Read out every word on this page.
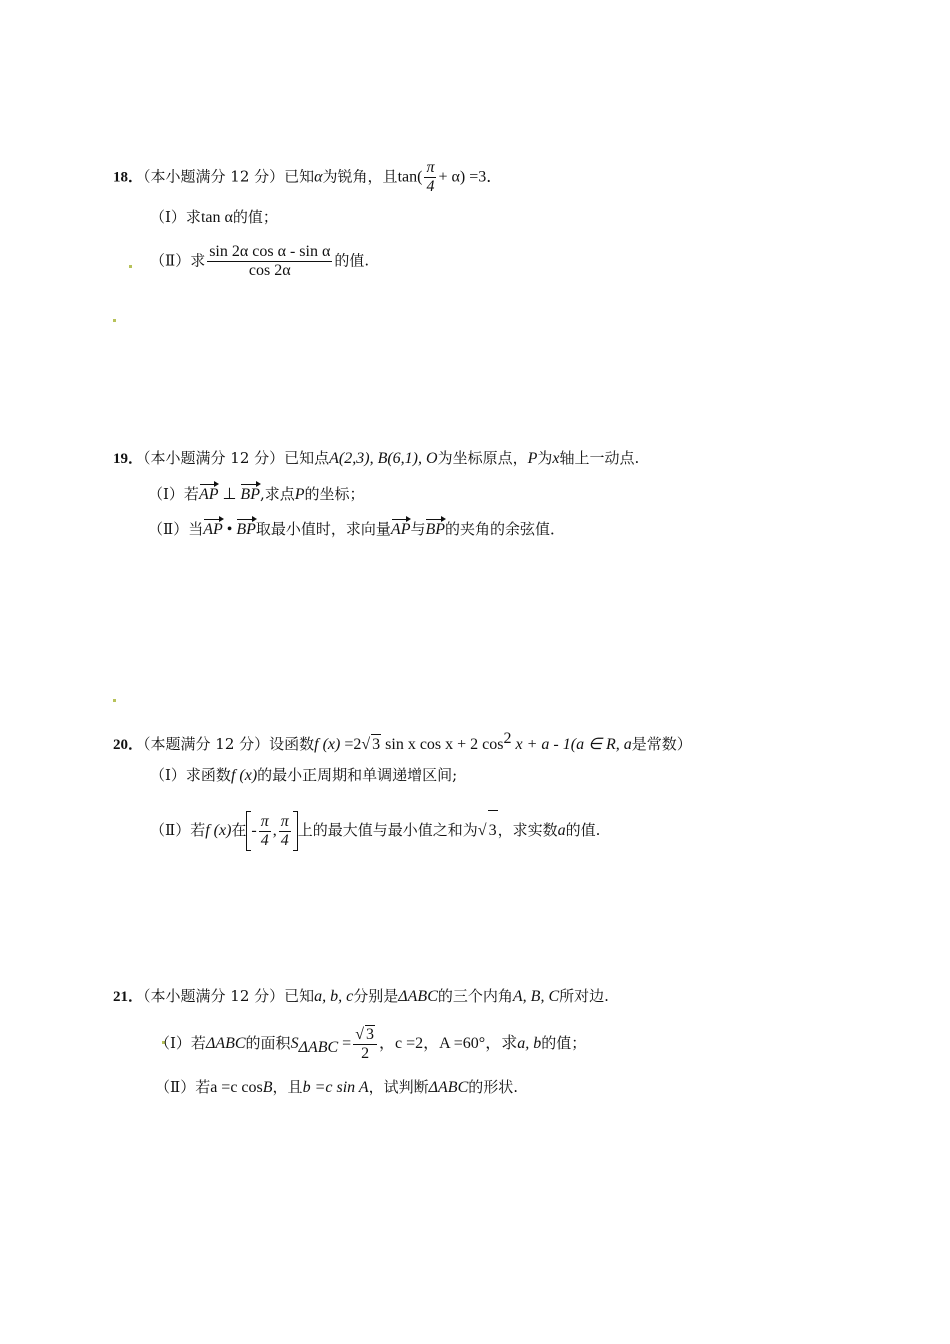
18．（本小题满分 12 分）已知α为锐角，且$\tan( \frac{\pi}{4} + \alpha) =3$．
（Ⅰ）求tan α的值；
（Ⅱ）求 $\frac{\text{sin 2α cos α - sin α}}{\cos 2\alpha}$ 的值.
19．（本小题满分 12 分）已知点A(2,3), B(6,1), O为坐标原点，P为x轴上一动点.
（Ⅰ）若AP ⊥ BP,求点P的坐标；
（Ⅱ）当AP • BP取最小值时，求向量AP与BP的夹角的余弦值．
20．（本题满分 12 分）设函数f (x) =2√ 3 sin x cos x + 2 $\cos^2 x + a - 1(a$ ∈ R, a是常数）
（Ⅰ）求函数f (x)的最小正周期和单调递增区间;
（Ⅱ）若f (x)在 - $\frac{\pi}{4}$ , $\frac{\pi}{4}$ 上的最大值与最小值之和为√ 3，求实数a的值.
21．（本小题满分 12 分）已知a, b, c分别是ΔABC的三个内角A, B, C所对边.
（Ⅰ）若ΔABC的面积$S_{\Delta ABC} = \frac{√ 3}{2}$ ，c =2，A =60°，求a, b的值；
（Ⅱ）若a =c cosB，且b =c sin A，试判断ΔABC的形状.
